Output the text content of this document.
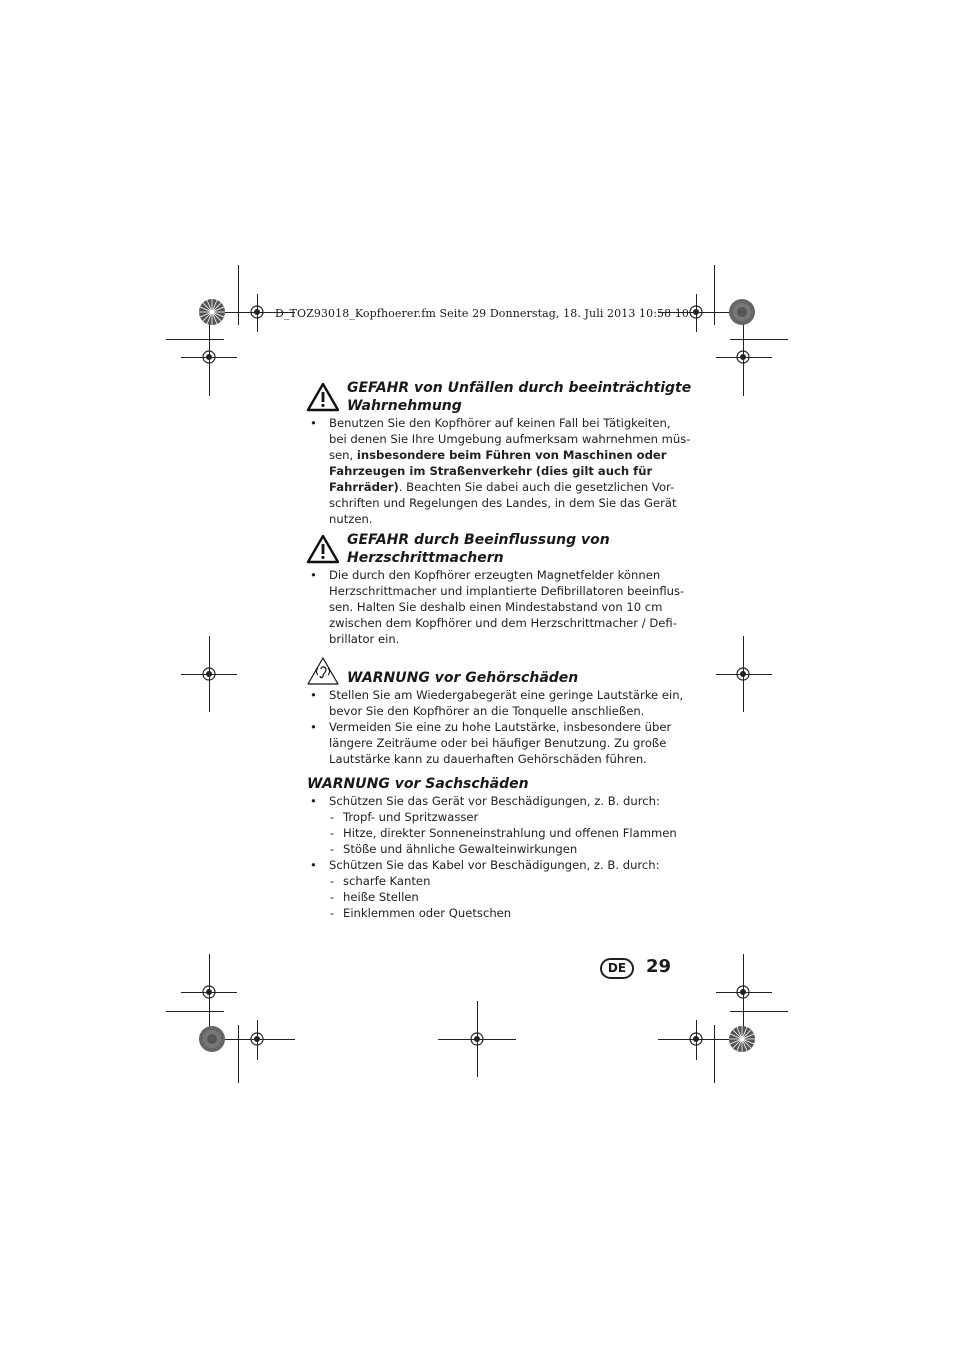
D_TOZ93018_Kopfhoerer.fm Seite 29 Donnerstag, 18. Juli 2013 10:58 10
GEFAHR von Unfällen durch beeinträchtigte
Wahrnehmung
• Benutzen Sie den Kopfhörer auf keinen Fall bei Tätigkeiten,
bei denen Sie Ihre Umgebung aufmerksam wahrnehmen müs-
sen, insbesondere beim Führen von Maschinen oder
Fahrzeugen im Straßenverkehr (dies gilt auch für
Fahrräder). Beachten Sie dabei auch die gesetzlichen Vor-
schriften und Regelungen des Landes, in dem Sie das Gerät
nutzen.
GEFAHR durch Beeinflussung von
Herzschrittmachern
• Die durch den Kopfhörer erzeugten Magnetfelder können
Herzschrittmacher und implantierte Defibrillatoren beeinflus-
sen. Halten Sie deshalb einen Mindestabstand von 10 cm
zwischen dem Kopfhörer und dem Herzschrittmacher / Defi-
brillator ein.
WARNUNG vor Gehörschäden
• Stellen Sie am Wiedergabegerät eine geringe Lautstärke ein,
bevor Sie den Kopfhörer an die Tonquelle anschließen.
• Vermeiden Sie eine zu hohe Lautstärke, insbesondere über
längere Zeiträume oder bei häufiger Benutzung. Zu große
Lautstärke kann zu dauerhaften Gehörschäden führen.
WARNUNG vor Sachschäden
• Schützen Sie das Gerät vor Beschädigungen, z. B. durch:
- Tropf- und Spritzwasser
- Hitze, direkter Sonneneinstrahlung und offenen Flammen
- Stöße und ähnliche Gewalteinwirkungen
• Schützen Sie das Kabel vor Beschädigungen, z. B. durch:
- scharfe Kanten
- heiße Stellen
- Einklemmen oder Quetschen
DE	29
